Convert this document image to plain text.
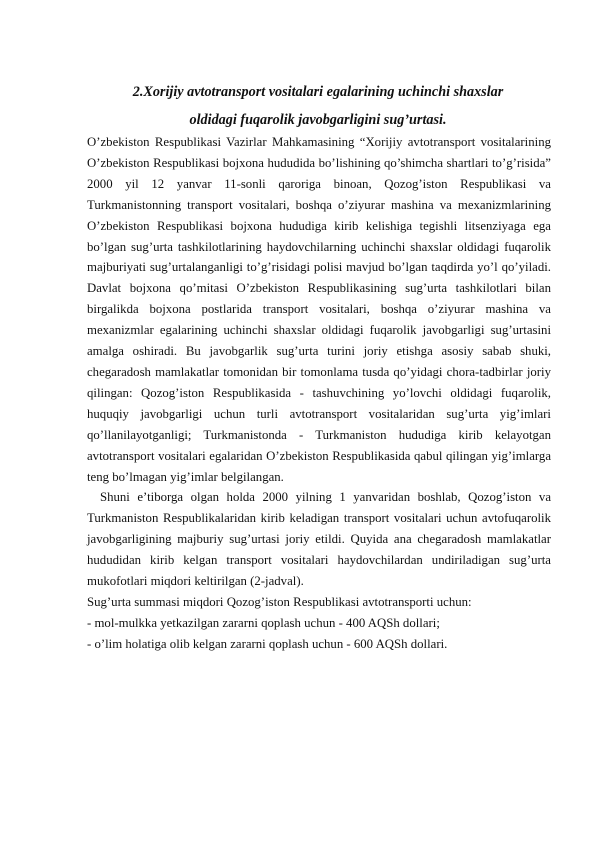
2.Xorijiy avtotransport vositalari egalarining uchinchi shaxslar
oldidagi fuqarolik javobgarligini sug’urtasi.

O’zbekiston Respublikasi Vazirlar Mahkamasining “Xorijiy avtotransport vositalarining O’zbekiston Respublikasi bojxona hududida bo’lishining qo’shimcha shartlari to’g’risida” 2000 yil 12 yanvar 11-sonli qaroriga binoan, Qozog’iston Respublikasi va Turkmanistonning transport vositalari, boshqa o’ziyurar mashina va mexanizmlarining O’zbekiston Respublikasi bojxona hududiga kirib kelishiga tegishli litsenziyaga ega bo’lgan sug’urta tashkilotlarining haydovchilarning uchinchi shaxslar oldidagi fuqarolik majburiyati sug’urtalanganligi to’g’risidagi polisi mavjud bo’lgan taqdirda yo’l qo’yiladi. Davlat bojxona qo’mitasi O’zbekiston Respublikasining sug’urta tashkilotlari bilan birgalikda bojxona postlarida transport vositalari, boshqa o’ziyurar mashina va mexanizmlar egalarining uchinchi shaxslar oldidagi fuqarolik javobgarligi sug’urtasini amalga oshiradi. Bu javobgarlik sug’urta turini joriy etishga asosiy sabab shuki, chegaradosh mamlakatlar tomonidan bir tomonlama tusda qo’yidagi chora-tadbirlar joriy qilingan: Qozog’iston Respublikasida - tashuvchining yo’lovchi oldidagi fuqarolik, huquqiy javobgarligi uchun turli avtotransport vositalaridan sug’urta yig’imlari qo’llanilayotganligi; Turkmanistonda - Turkmaniston hududiga kirib kelayotgan avtotransport vositalari egalaridan O’zbekiston Respublikasida qabul qilingan yig’imlarga teng bo’lmagan yig’imlar belgilangan.

Shuni e’tiborga olgan holda 2000 yilning 1 yanvaridan boshlab, Qozog’iston va Turkmaniston Respublikalaridan kirib keladigan transport vositalari uchun avtofuqarolik javobgarligining majburiy sug’urtasi joriy etildi. Quyida ana chegaradosh mamlakatlar hududidan kirib kelgan transport vositalari haydovchilardan undiriladigan sug’urta mukofotlari miqdori keltirilgan (2-jadval).

Sug’urta summasi miqdori Qozog’iston Respublikasi avtotransporti uchun:

- mol-mulkka yetkazilgan zararni qoplash uchun - 400 AQSh dollari;

- o’lim holatiga olib kelgan zararni qoplash uchun - 600 AQSh dollari.
